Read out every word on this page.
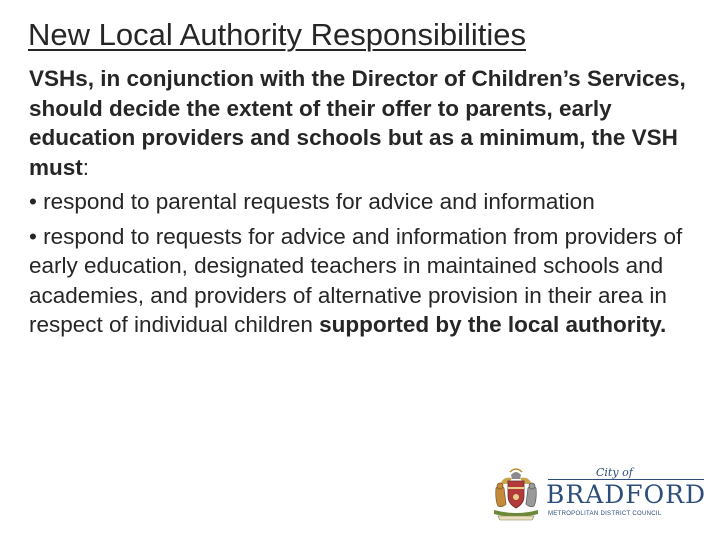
New Local Authority Responsibilities

VSHs, in conjunction with the Director of Children’s Services, should decide the extent of their offer to parents, early education providers and schools but as a minimum, the VSH must:

• respond to parental requests for advice and information

• respond to requests for advice and information from providers of early education, designated teachers in maintained schools and academies, and providers of alternative provision in their area in respect of individual children supported by the local authority.

City of
BRADFORD
METROPOLITAN DISTRICT COUNCIL
